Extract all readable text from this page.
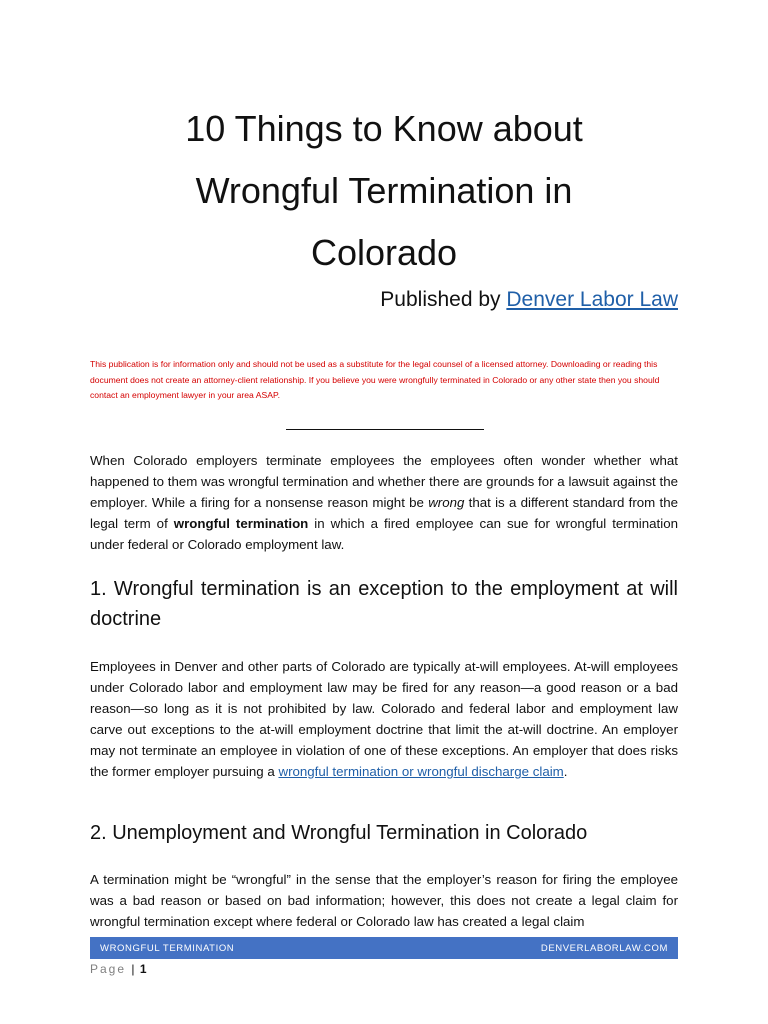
10 Things to Know about
Wrongful Termination in
Colorado
Published by Denver Labor Law

This publication is for information only and should not be used as a substitute for the legal counsel of a licensed attorney. Downloading or reading this document does not create an attorney-client relationship. If you believe you were wrongfully terminated in Colorado or any other state then you should contact an employment lawyer in your area ASAP.

When Colorado employers terminate employees the employees often wonder whether what happened to them was wrongful termination and whether there are grounds for a lawsuit against the employer. While a firing for a nonsense reason might be wrong that is a different standard from the legal term of wrongful termination in which a fired employee can sue for wrongful termination under federal or Colorado employment law.

1. Wrongful termination is an exception to the employment at will doctrine

Employees in Denver and other parts of Colorado are typically at-will employees. At-will employees under Colorado labor and employment law may be fired for any reason—a good reason or a bad reason—so long as it is not prohibited by law. Colorado and federal labor and employment law carve out exceptions to the at-will employment doctrine that limit the at-will doctrine. An employer may not terminate an employee in violation of one of these exceptions. An employer that does risks the former employer pursuing a wrongful termination or wrongful discharge claim.

2. Unemployment and Wrongful Termination in Colorado

A termination might be “wrongful” in the sense that the employer’s reason for firing the employee was a bad reason or based on bad information; however, this does not create a legal claim for wrongful termination except where federal or Colorado law has created a legal claim

WRONGFUL TERMINATION	DENVERLABORLAW.COM
Page | 1
